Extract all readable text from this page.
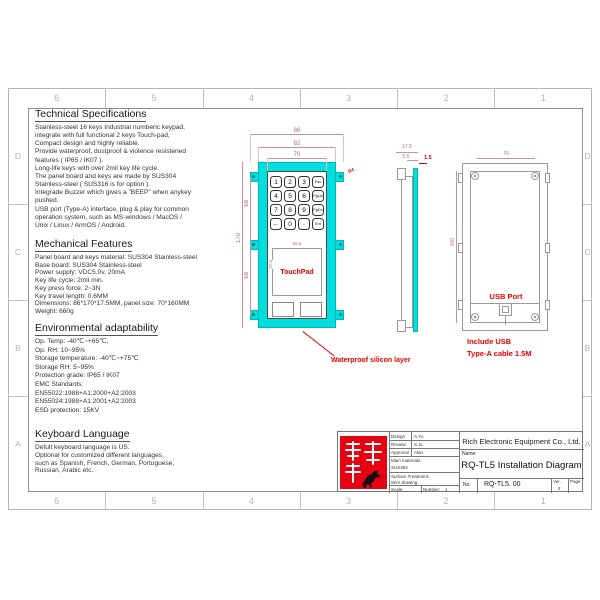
6	5	4	3	2	1
6	5	4	3	2	1
D
C
B
A
D
C
B
A
Technical Specifications
Stainless-steel 16 keys Industrial numberic keypad,
integrate with full functional 2 keys Touch-pad,
Compact design and highly reliable.
Provide waterproof, dustproof & violence resistened
features ( IP65 / IK07 ).
Long-life keys with over 2mil key life cycle.
The panel board and keys are made by SUS304
Stainless-steel ( SUS316 is for option ).
Integrade Buzzer which gives a "BEEP" when anykey
pushed.
USB port (Type-A) interface, plug & play for common
operation system, such as MS-windows / MacOS /
Unix / Linux / ArmOS / Android.
Mechanical Features
Panel board and keys material: SUS304 Stainless-steel
Base board: SUS304 Stainless-steel
Power supply: VDC5.0v, 20mA
Key life cycle: 2mil min.
Key press force: 2~3N
Key travel length: 0.6MM
Dimensions: 86*170*17.5MM, panel size: 70*160MM
Weight: 660g
Environmental adaptability
Op. Temp: -40℃~+65℃,
Op. RH: 10~95%
Storage temperature: -40℃~+75℃
Storage RH: 5~95%
Protection grade: IP65 / IK07
EMC Standards:
EN55022:1988+A1:2000+A2:2003
EN55024:1988+A1:2001+A2:2003
ESD protection: 15KV
Keyboard Language
Defult keyboard language is US.
Optional for customized different languages,
such as Spanish, French, German, Portuguese,
Russian, Arabic etc.
1	2	3	Esc
4	5	6	PgUp
7	8	9	PgDn
←	0	·	Ent
TouchPad
86
82
70
170
68
68
55.6
37.5
Ø4
Waterproof silicon layer
17.5
5.5	1.5
USB Port
76
160
Include USB
Type-A cable 1.5M
Design A.Yu
Review S.JL
Approval Alan
Main materials
SUS304
Surface Treatment:
Wire drawing
Scale:	Number: 1
Rich Electronic Equipment Co., Ltd.
Name:
RQ-TL5 Installation Diagram
No. RQ-TL5. 00	Ver.
2
Page
